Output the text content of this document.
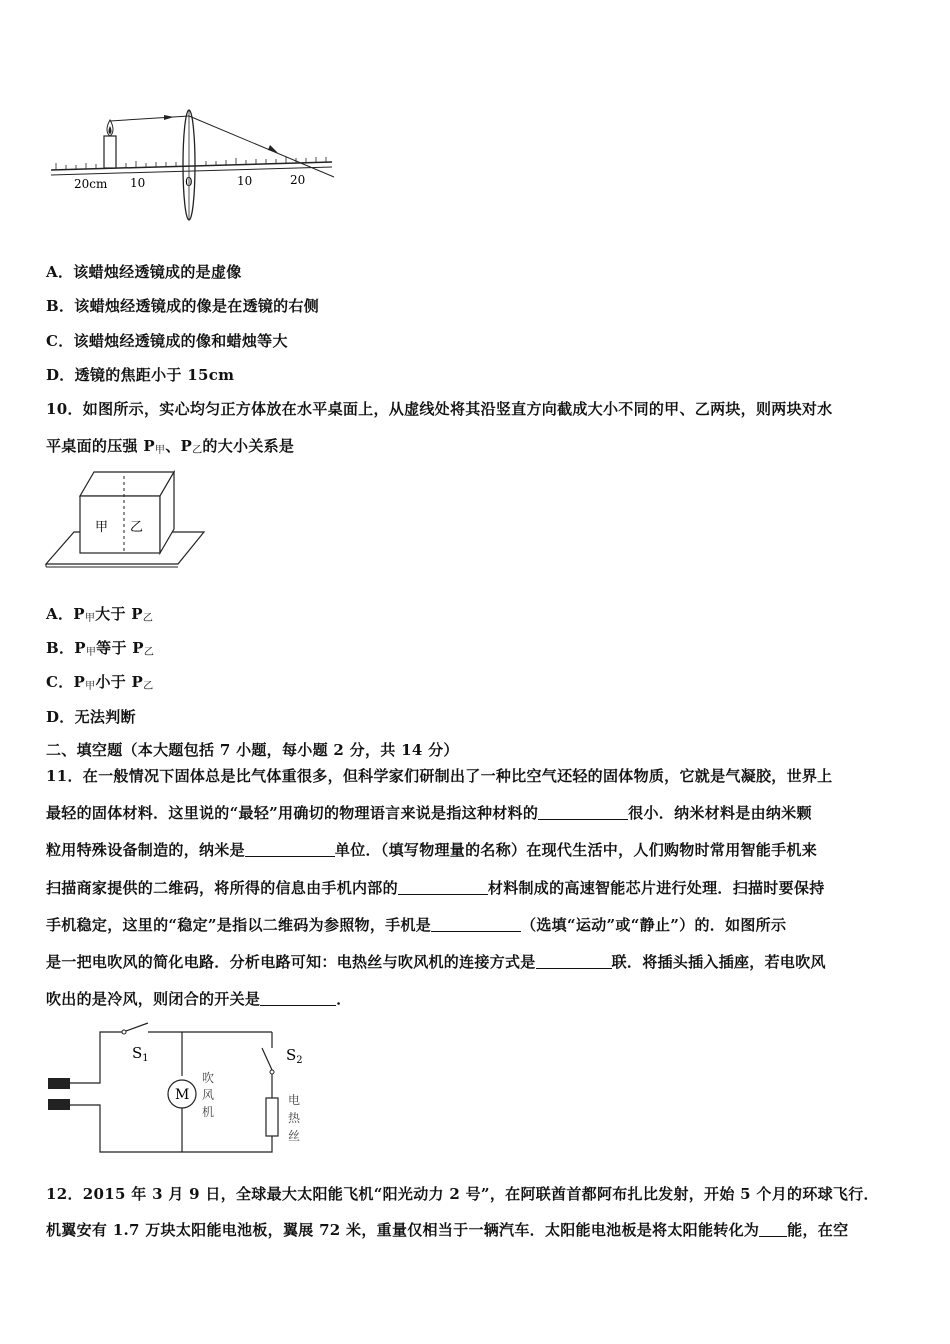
20cm 10	0	10	20
A．该蜡烛经透镜成的是虚像
B．该蜡烛经透镜成的像是在透镜的右侧
C．该蜡烛经透镜成的像和蜡烛等大
D．透镜的焦距小于 15cm
10．如图所示，实心均匀正方体放在水平桌面上，从虚线处将其沿竖直方向截成大小不同的甲、乙两块，则两块对水
平桌面的压强 $P_甲$、$P_乙$的大小关系是
甲 乙
A．$P_甲$大于 $P_乙$
B．$P_甲$等于 $P_乙$
C．$P_甲$小于 $P_乙$
D．无法判断
二、填空题（本大题包括 7 小题，每小题 2 分，共 14 分）
11．在一般情况下固体总是比气体重很多，但科学家们研制出了一种比空气还轻的固体物质，它就是气凝胶，世界上
最轻的固体材料．这里说的“最轻”用确切的物理语言来说是指这种材料的	很小．纳米材料是由纳米颗
粒用特殊设备制造的，纳米是	单位．（填写物理量的名称）在现代生活中，人们购物时常用智能手机来
扫描商家提供的二维码，将所得的信息由手机内部的	材料制成的高速智能芯片进行处理．扫描时要保持
手机稳定，这里的“稳定”是指以二维码为参照物，手机是	（选填“运动”或“静止”）的．如图所示
是一把电吹风的简化电路．分析电路可知：电热丝与吹风机的连接方式是	联．将插头插入插座，若电吹风
吹出的是冷风，则闭合的开关是	．
$S_1$
M
吹
风
机
$S_2$
电
热
丝
12．2015 年 3 月 9 日，全球最大太阳能飞机“阳光动力 2 号”，在阿联酋首都阿布扎比发射，开始 5 个月的环球飞行．
机翼安有 1.7 万块太阳能电池板，翼展 72 米，重量仅相当于一辆汽车．太阳能电池板是将太阳能转化为 能，在空
